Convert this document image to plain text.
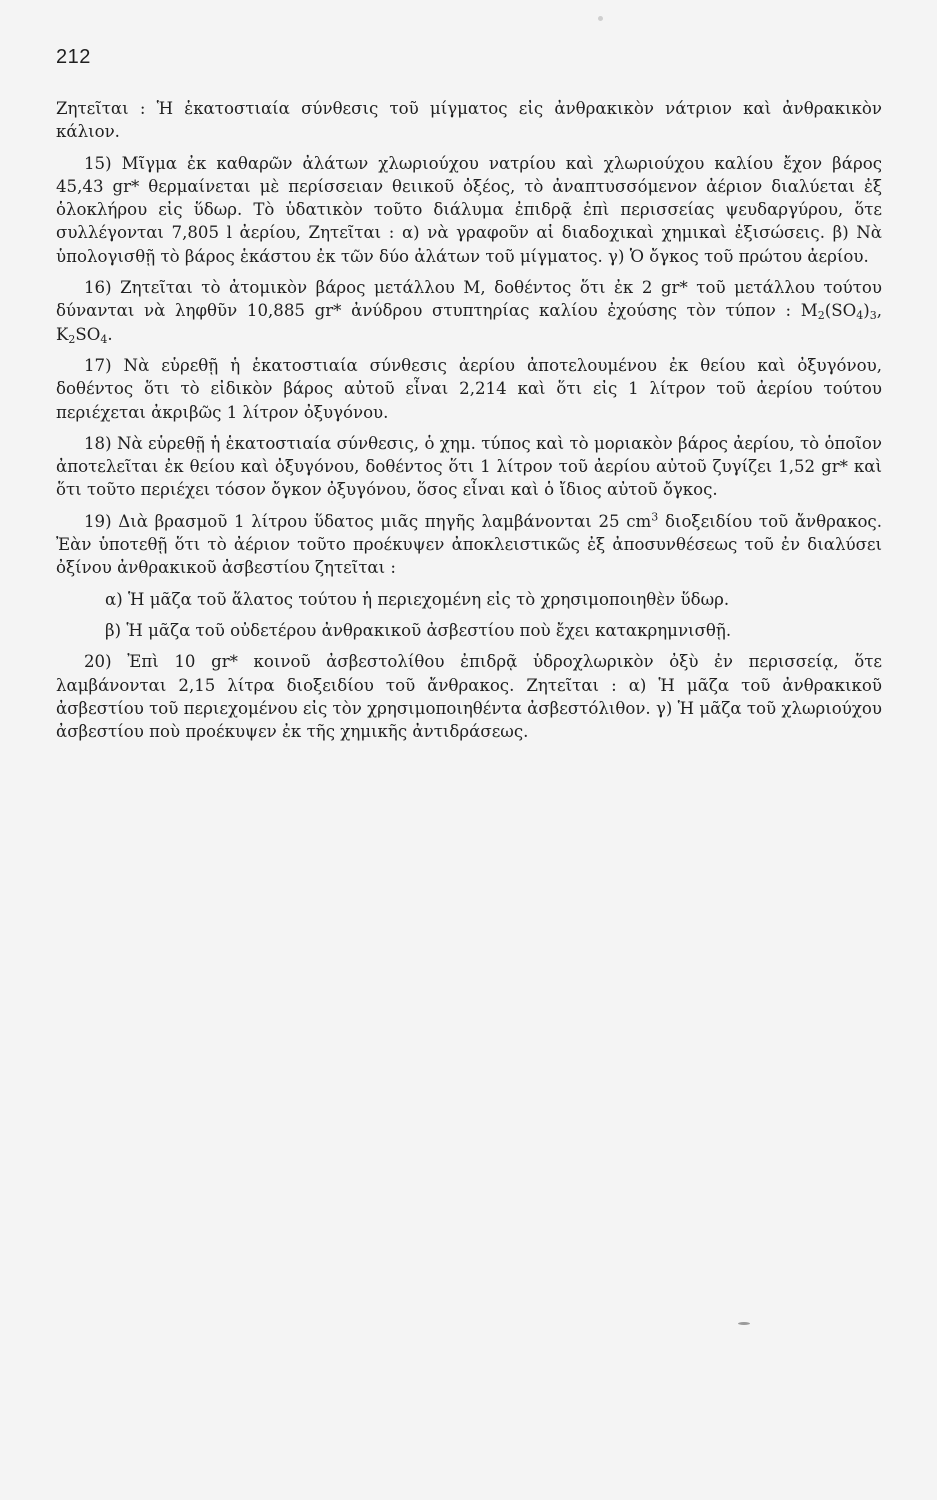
212

Ζητεῖται : Ἡ ἑκατοστιαία σύνθεσις τοῦ μίγματος εἰς ἀνθρακικὸν νάτριον καὶ ἀνθρακικὸν κάλιον.

15) Μῖγμα ἐκ καθαρῶν ἀλάτων χλωριούχου νατρίου καὶ χλωριούχου καλίου ἔχον βάρος 45,43 gr* θερμαίνεται μὲ περίσσειαν θειικοῦ ὀξέος, τὸ ἀναπτυσσόμενον ἀέριον διαλύεται ἐξ ὁλοκλήρου εἰς ὕδωρ. Τὸ ὑδατικὸν τοῦτο διάλυμα ἐπιδρᾷ ἐπὶ περισσείας ψευδαργύρου, ὅτε συλλέγονται 7,805 l ἀερίου, Ζητεῖται : α) νὰ γραφοῦν αἱ διαδοχικαὶ χημικαὶ ἐξισώσεις. β) Νὰ ὑπολογισθῇ τὸ βάρος ἑκάστου ἐκ τῶν δύο ἀλάτων τοῦ μίγματος. γ) Ὁ ὄγκος τοῦ πρώτου ἀερίου.

16) Ζητεῖται τὸ ἀτομικὸν βάρος μετάλλου Μ, δοθέντος ὅτι ἐκ 2 gr* τοῦ μετάλλου τούτου δύνανται νὰ ληφθῦν 10,885 gr* ἀνύδρου στυπτηρίας καλίου ἐχούσης τὸν τύπον : $M_2(SO_4)_3$, $K_2SO_4$.

17) Νὰ εὑρεθῇ ἡ ἑκατοστιαία σύνθεσις ἀερίου ἀποτελουμένου ἐκ θείου καὶ ὀξυγόνου, δοθέντος ὅτι τὸ εἰδικὸν βάρος αὐτοῦ εἶναι 2,214 καὶ ὅτι εἰς 1 λίτρον τοῦ ἀερίου τούτου περιέχεται ἀκριβῶς 1 λίτρον ὀξυγόνου.

18) Νὰ εὑρεθῇ ἡ ἑκατοστιαία σύνθεσις, ὁ χημ. τύπος καὶ τὸ μοριακὸν βάρος ἀερίου, τὸ ὁποῖον ἀποτελεῖται ἐκ θείου καὶ ὀξυγόνου, δοθέντος ὅτι 1 λίτρον τοῦ ἀερίου αὐτοῦ ζυγίζει 1,52 gr* καὶ ὅτι τοῦτο περιέχει τόσον ὄγκον ὀξυγόνου, ὅσος εἶναι καὶ ὁ ἴδιος αὐτοῦ ὄγκος.

19) Διὰ βρασμοῦ 1 λίτρου ὕδατος μιᾶς πηγῆς λαμβάνονται 25 $cm^3$ διοξειδίου τοῦ ἄνθρακος. Ἐὰν ὑποτεθῇ ὅτι τὸ ἀέριον τοῦτο προέκυψεν ἀποκλειστικῶς ἐξ ἀποσυνθέσεως τοῦ ἐν διαλύσει ὀξίνου ἀνθρακικοῦ ἀσβεστίου ζητεῖται :

α) Ἡ μᾶζα τοῦ ἅλατος τούτου ἡ περιεχομένη εἰς τὸ χρησιμοποιηθὲν ὕδωρ.

β) Ἡ μᾶζα τοῦ οὐδετέρου ἀνθρακικοῦ ἀσβεστίου ποὺ ἔχει κατακρημνισθῇ.

20) Ἐπὶ 10 gr* κοινοῦ ἀσβεστολίθου ἐπιδρᾷ ὑδροχλωρικὸν ὀξὺ ἐν περισσείᾳ, ὅτε λαμβάνονται 2,15 λίτρα διοξειδίου τοῦ ἄνθρακος. Ζητεῖται : α) Ἡ μᾶζα τοῦ ἀνθρακικοῦ ἀσβεστίου τοῦ περιεχομένου εἰς τὸν χρησιμοποιηθέντα ἀσβεστόλιθον. γ) Ἡ μᾶζα τοῦ χλωριούχου ἀσβεστίου ποὺ προέκυψεν ἐκ τῆς χημικῆς ἀντιδράσεως.
